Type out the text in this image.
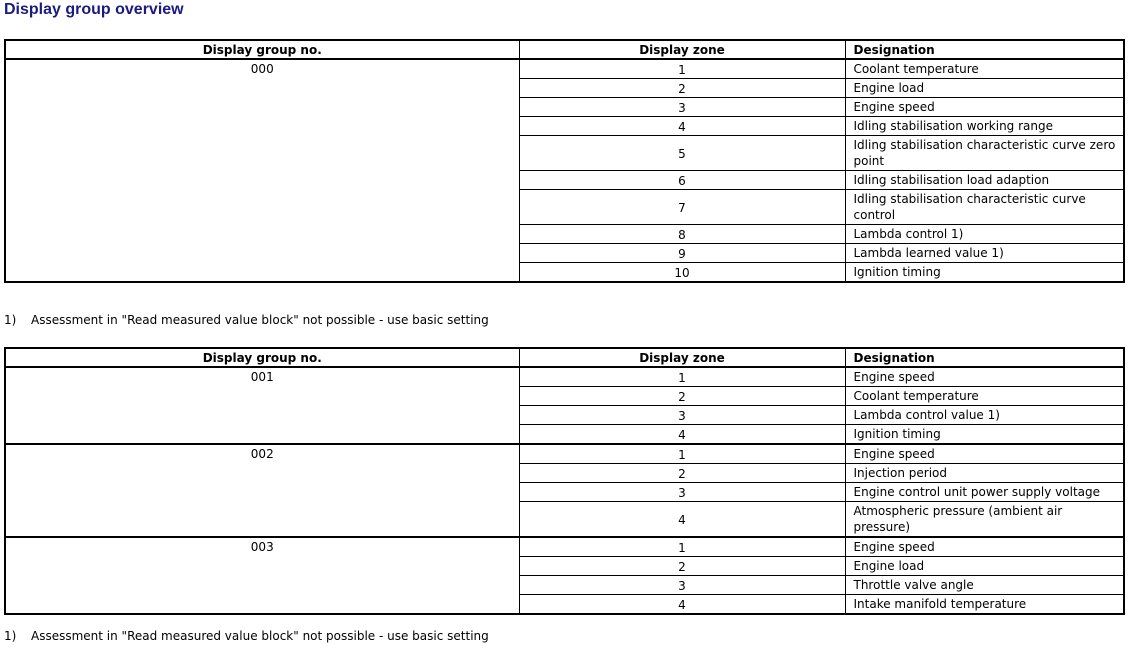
Display group overview
Display group no.	Display zone	Designation
000	1	Coolant temperature
	2	Engine load
	3	Engine speed
	4	Idling stabilisation working range
	5	Idling stabilisation characteristic curve zero point
	6	Idling stabilisation load adaption
	7	Idling stabilisation characteristic curve control
	8	Lambda control 1)
	9	Lambda learned value 1)
	10	Ignition timing
1) Assessment in "Read measured value block" not possible - use basic setting
Display group no.	Display zone	Designation
001	1	Engine speed
	2	Coolant temperature
	3	Lambda control value 1)
	4	Ignition timing
002	1	Engine speed
	2	Injection period
	3	Engine control unit power supply voltage
	4	Atmospheric pressure (ambient air pressure)
003	1	Engine speed
	2	Engine load
	3	Throttle valve angle
	4	Intake manifold temperature
1) Assessment in "Read measured value block" not possible - use basic setting
